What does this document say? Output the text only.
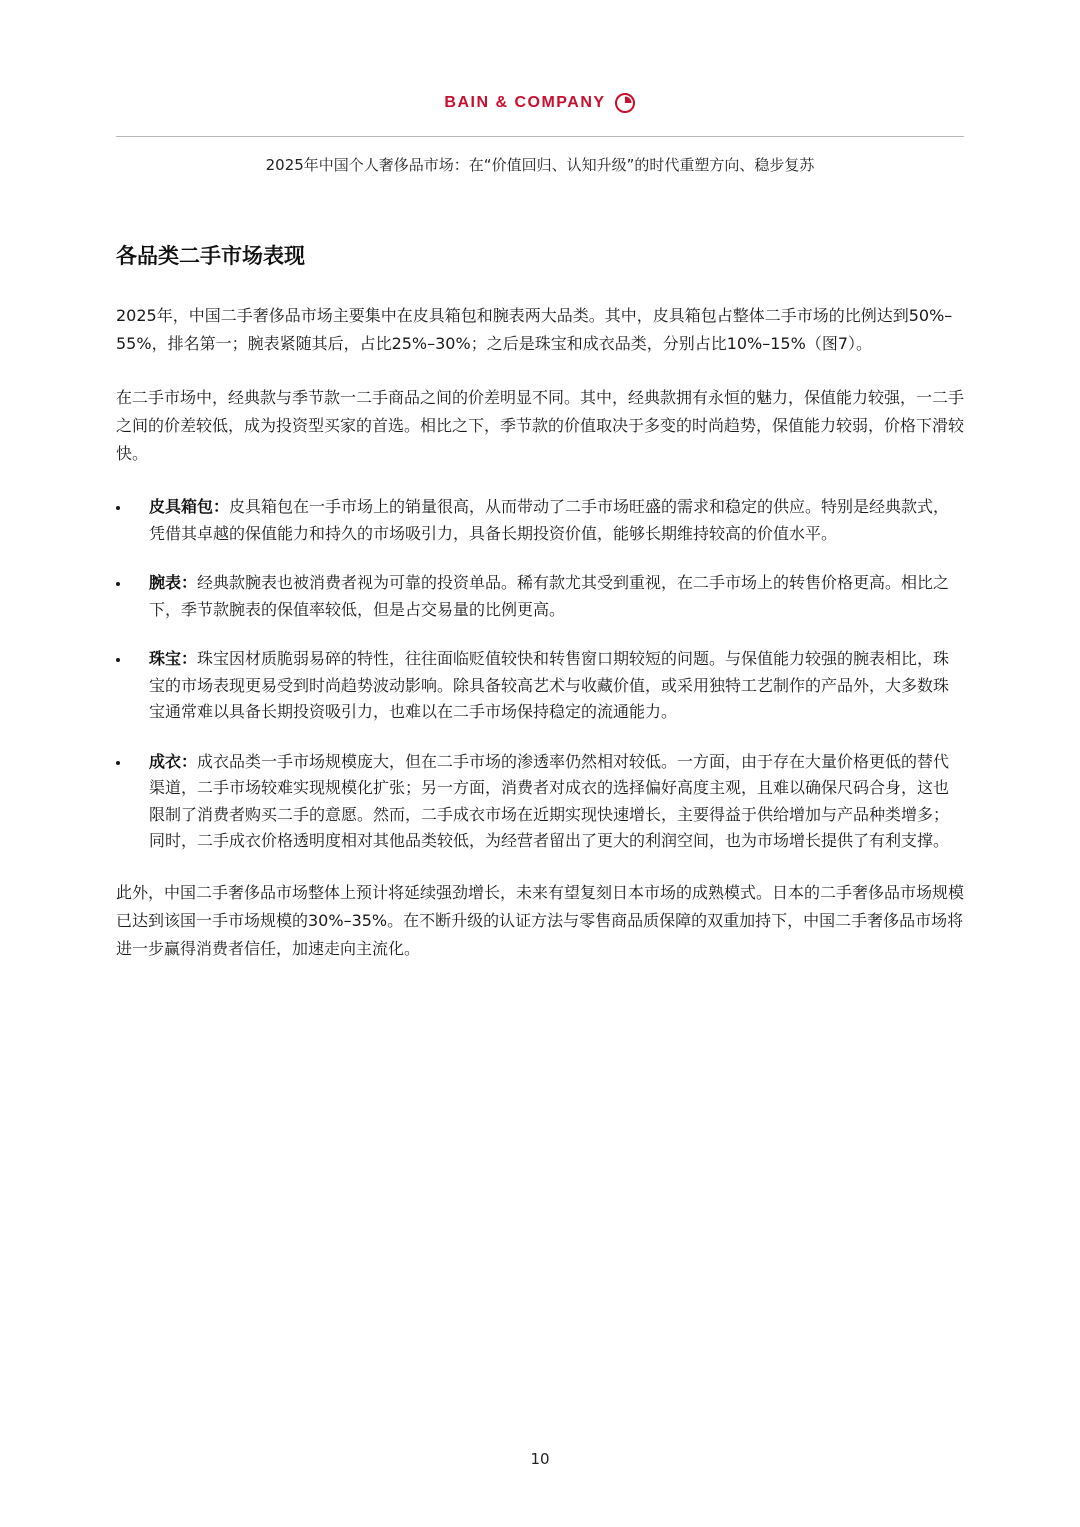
BAIN & COMPANY
2025年中国个人奢侈品市场：在“价值回归、认知升级”的时代重塑方向、稳步复苏
各品类二手市场表现

2025年，中国二手奢侈品市场主要集中在皮具箱包和腕表两大品类。其中，皮具箱包占整体二手市场的比例达到50%–55%，排名第一；腕表紧随其后，占比25%–30%；之后是珠宝和成衣品类，分别占比10%–15%（图7）。

在二手市场中，经典款与季节款一二手商品之间的价差明显不同。其中，经典款拥有永恒的魅力，保值能力较强，一二手之间的价差较低，成为投资型买家的首选。相比之下，季节款的价值取决于多变的时尚趋势，保值能力较弱，价格下滑较快。

皮具箱包：皮具箱包在一手市场上的销量很高，从而带动了二手市场旺盛的需求和稳定的供应。特别是经典款式，凭借其卓越的保值能力和持久的市场吸引力，具备长期投资价值，能够长期维持较高的价值水平。
腕表：经典款腕表也被消费者视为可靠的投资单品。稀有款尤其受到重视，在二手市场上的转售价格更高。相比之下，季节款腕表的保值率较低，但是占交易量的比例更高。
珠宝：珠宝因材质脆弱易碎的特性，往往面临贬值较快和转售窗口期较短的问题。与保值能力较强的腕表相比，珠宝的市场表现更易受到时尚趋势波动影响。除具备较高艺术与收藏价值，或采用独特工艺制作的产品外，大多数珠宝通常难以具备长期投资吸引力，也难以在二手市场保持稳定的流通能力。
成衣：成衣品类一手市场规模庞大，但在二手市场的渗透率仍然相对较低。一方面，由于存在大量价格更低的替代渠道，二手市场较难实现规模化扩张；另一方面，消费者对成衣的选择偏好高度主观，且难以确保尺码合身，这也限制了消费者购买二手的意愿。然而，二手成衣市场在近期实现快速增长，主要得益于供给增加与产品种类增多；同时，二手成衣价格透明度相对其他品类较低，为经营者留出了更大的利润空间，也为市场增长提供了有利支撑。

此外，中国二手奢侈品市场整体上预计将延续强劲增长，未来有望复刻日本市场的成熟模式。日本的二手奢侈品市场规模已达到该国一手市场规模的30%–35%。在不断升级的认证方法与零售商品质保障的双重加持下，中国二手奢侈品市场将进一步赢得消费者信任，加速走向主流化。

10
